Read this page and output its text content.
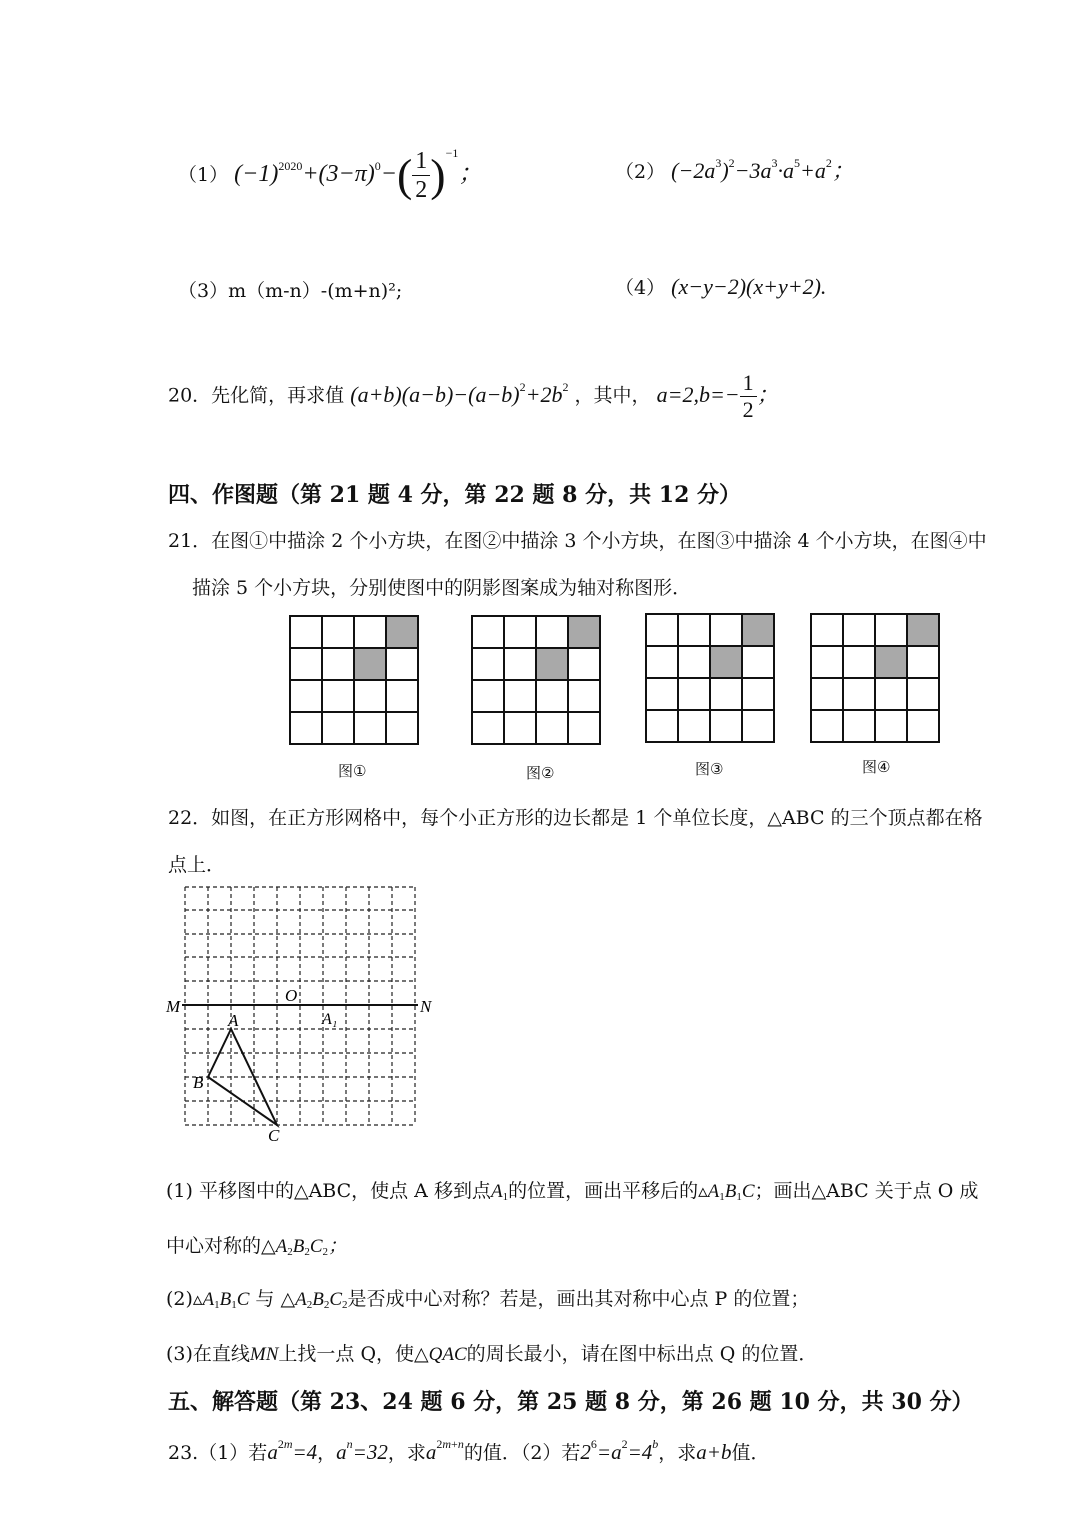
（1） $(-1)^{2020}+(3-\pi)^0-( \frac{1}{2} )^{-1}$；	（2） $(-2a^3)^2-3a^3\cdot a^5+a^2$；
（3）m（m-n）-(m+n)²;	（4） (x−y−2)(x+y+2).
20．先化简，再求值 $(a+b)(a-b)-(a-b)^2+2b^2$ ，其中， $a=2,b=- \frac{1}{2}$ ；
四、作图题（第 21 题 4 分，第 22 题 8 分，共 12 分）
21．在图①中描涂 2 个小方块，在图②中描涂 3 个小方块，在图③中描涂 4 个小方块，在图④中
描涂 5 个小方块，分别使图中的阴影图案成为轴对称图形．

图①

				图②

				图③

				图④
22．如图，在正方形网格中，每个小正方形的边长都是 1 个单位长度，△ABC 的三个顶点都在格
点上．
M	N
O
A₁
A
B
C
(1) 平移图中的△ABC，使点 A 移到点$A_1$的位置，画出平移后的$▵A_1B_1C$；画出△ABC 关于点 O 成
中心对称的$\triangle A_2B_2C_2$；
$(2)▵A_1B_1C$ 与 $\triangle A_2B_2C_2$是否成中心对称？若是，画出其对称中心点 P 的位置；
(3)在直线MN上找一点 Q，使△QAC的周长最小，请在图中标出点 Q 的位置．
五、解答题（第 23、24 题 6 分，第 25 题 8 分，第 26 题 10 分，共 30 分）
23.（1）若$a^{2m}=4$，$a^n=32$，求$a^{2m+n}$的值．（2）若$2^6=a^2=4^b$，求a+b值．
